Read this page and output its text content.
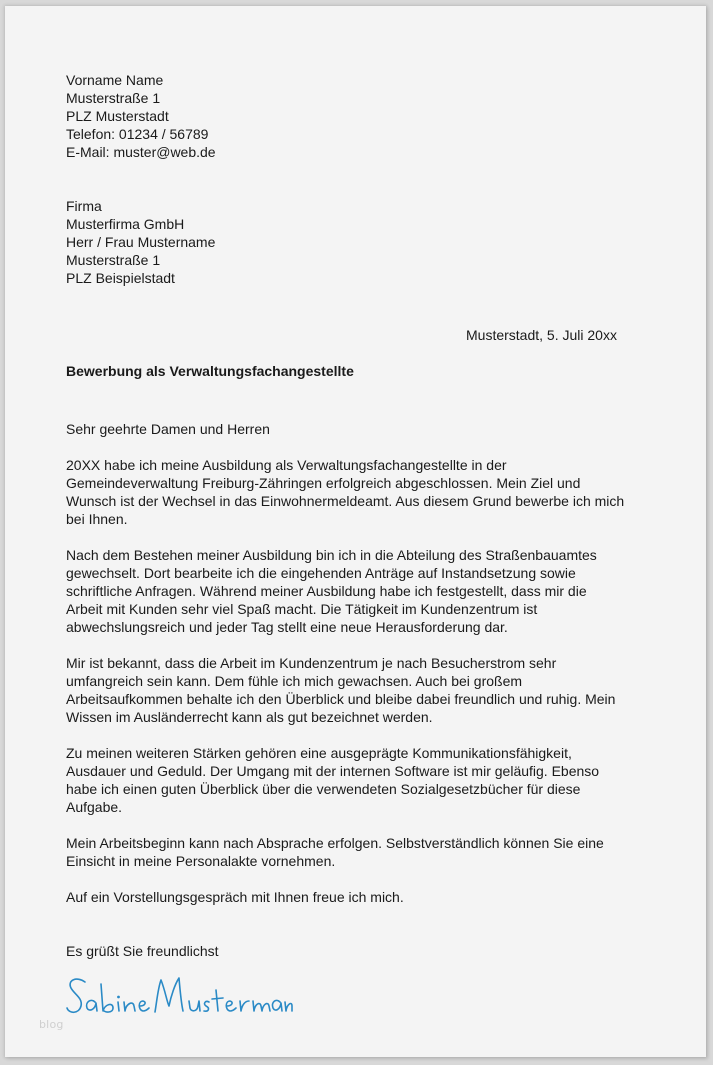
Vorname Name
Musterstraße 1
PLZ Musterstadt
Telefon: 01234 / 56789
E-Mail: muster@web.de
Firma
Musterfirma GmbH
Herr / Frau Mustername
Musterstraße 1
PLZ Beispielstadt
Musterstadt, 5. Juli 20xx
Bewerbung als Verwaltungsfachangestellte
Sehr geehrte Damen und Herren
20XX habe ich meine Ausbildung als Verwaltungsfachangestellte in der
Gemeindeverwaltung Freiburg-Zähringen erfolgreich abgeschlossen. Mein Ziel und
Wunsch ist der Wechsel in das Einwohnermeldeamt. Aus diesem Grund bewerbe ich mich
bei Ihnen.
Nach dem Bestehen meiner Ausbildung bin ich in die Abteilung des Straßenbauamtes
gewechselt. Dort bearbeite ich die eingehenden Anträge auf Instandsetzung sowie
schriftliche Anfragen. Während meiner Ausbildung habe ich festgestellt, dass mir die
Arbeit mit Kunden sehr viel Spaß macht. Die Tätigkeit im Kundenzentrum ist
abwechslungsreich und jeder Tag stellt eine neue Herausforderung dar.
Mir ist bekannt, dass die Arbeit im Kundenzentrum je nach Besucherstrom sehr
umfangreich sein kann. Dem fühle ich mich gewachsen. Auch bei großem
Arbeitsaufkommen behalte ich den Überblick und bleibe dabei freundlich und ruhig. Mein
Wissen im Ausländerrecht kann als gut bezeichnet werden.
Zu meinen weiteren Stärken gehören eine ausgeprägte Kommunikationsfähigkeit,
Ausdauer und Geduld. Der Umgang mit der internen Software ist mir geläufig. Ebenso
habe ich einen guten Überblick über die verwendeten Sozialgesetzbücher für diese
Aufgabe.
Mein Arbeitsbeginn kann nach Absprache erfolgen. Selbstverständlich können Sie eine
Einsicht in meine Personalakte vornehmen.
Auf ein Vorstellungsgespräch mit Ihnen freue ich mich.
Es grüßt Sie freundlichst
blog
